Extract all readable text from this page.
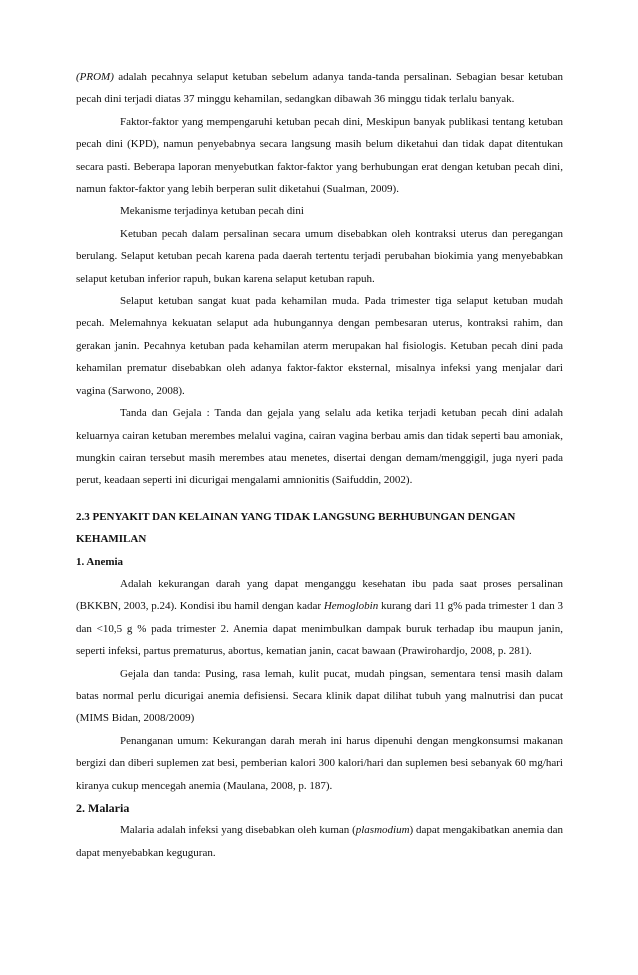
(PROM) adalah pecahnya selaput ketuban sebelum adanya tanda-tanda persalinan. Sebagian besar ketuban pecah dini terjadi diatas 37 minggu kehamilan, sedangkan dibawah 36 minggu tidak terlalu banyak.

Faktor-faktor yang mempengaruhi ketuban pecah dini, Meskipun banyak publikasi tentang ketuban pecah dini (KPD), namun penyebabnya secara langsung masih belum diketahui dan tidak dapat ditentukan secara pasti. Beberapa laporan menyebutkan faktor-faktor yang berhubungan erat dengan ketuban pecah dini, namun faktor-faktor yang lebih berperan sulit diketahui (Sualman, 2009).

Mekanisme terjadinya ketuban pecah dini

Ketuban pecah dalam persalinan secara umum disebabkan oleh kontraksi uterus dan peregangan berulang. Selaput ketuban pecah karena pada daerah tertentu terjadi perubahan biokimia yang menyebabkan selaput ketuban inferior rapuh, bukan karena selaput ketuban rapuh.

Selaput ketuban sangat kuat pada kehamilan muda. Pada trimester tiga selaput ketuban mudah pecah. Melemahnya kekuatan selaput ada hubungannya dengan pembesaran uterus, kontraksi rahim, dan gerakan janin. Pecahnya ketuban pada kehamilan aterm merupakan hal fisiologis. Ketuban pecah dini pada kehamilan prematur disebabkan oleh adanya faktor-faktor eksternal, misalnya infeksi yang menjalar dari vagina (Sarwono, 2008).

Tanda dan Gejala : Tanda dan gejala yang selalu ada ketika terjadi ketuban pecah dini adalah keluarnya cairan ketuban merembes melalui vagina, cairan vagina berbau amis dan tidak seperti bau amoniak, mungkin cairan tersebut masih merembes atau menetes, disertai dengan demam/menggigil, juga nyeri pada perut, keadaan seperti ini dicurigai mengalami amnionitis (Saifuddin, 2002).

2.3 PENYAKIT DAN KELAINAN YANG TIDAK LANGSUNG BERHUBUNGAN DENGAN KEHAMILAN

1. Anemia

Adalah kekurangan darah yang dapat menganggu kesehatan ibu pada saat proses persalinan (BKKBN, 2003, p.24). Kondisi ibu hamil dengan kadar Hemoglobin kurang dari 11 g% pada trimester 1 dan 3 dan <10,5 g % pada trimester 2. Anemia dapat menimbulkan dampak buruk terhadap ibu maupun janin, seperti infeksi, partus prematurus, abortus, kematian janin, cacat bawaan (Prawirohardjo, 2008, p. 281).

Gejala dan tanda: Pusing, rasa lemah, kulit pucat, mudah pingsan, sementara tensi masih dalam batas normal perlu dicurigai anemia defisiensi. Secara klinik dapat dilihat tubuh yang malnutrisi dan pucat (MIMS Bidan, 2008/2009)

Penanganan umum: Kekurangan darah merah ini harus dipenuhi dengan mengkonsumsi makanan bergizi dan diberi suplemen zat besi, pemberian kalori 300 kalori/hari dan suplemen besi sebanyak 60 mg/hari kiranya cukup mencegah anemia (Maulana, 2008, p. 187).

2. Malaria

Malaria adalah infeksi yang disebabkan oleh kuman (plasmodium) dapat mengakibatkan anemia dan dapat menyebabkan keguguran.
